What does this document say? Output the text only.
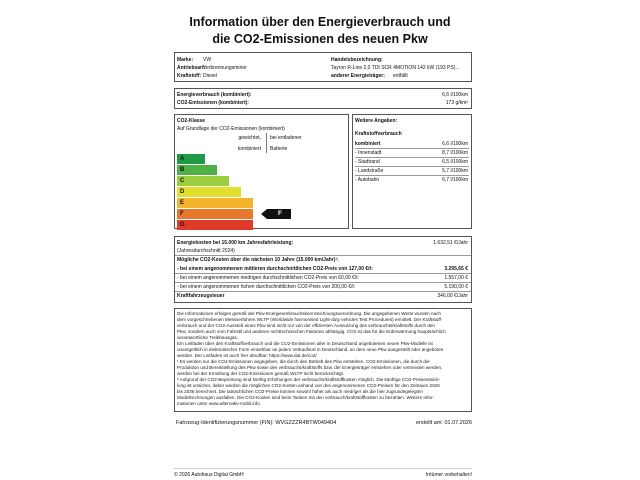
Information über den Energieverbrauch und
die CO2-Emissionen des neuen Pkw
Marke: VW
Antriebsart:
Verbrennungsmotor
Kraftstoff: Diesel
Handelsbezeichnung:
Tayron R-Line 2,0 TDI SCR 4MOTION 142 kW (193 PS)...
anderer Energieträger: entfällt
Energieverbrauch (kombiniert):	6,6 l/100km
CO2-Emissionen (kombiniert):	173 g/km²
CO2-Klasse
Auf Grundlage der CO2-Emissionen (kombiniert)
gewichtet,
kombiniert
bei entladener
Batterie
A
B
C
D
E
F
G
F
Weitere Angaben:
Kraftstoffverbrauch
kombiniert	6,6 l/100km
- Innenstadt	8,7 l/100km
- Stadtrand	6,5 l/100km
- Landstraße	5,7 l/100km
- Autobahn	6,7 l/100km
Energiekosten bei 15.000 km Jahresfahrleistung:	1.632,51 €/Jahr
(Jahresdurchschnitt 2024)
Mögliche CO2-Kosten über die nächsten 10 Jahre (15.000 km/Jahr)¹:
- bei einem angenommenen mittleren durchschnittlichen CO2-Preis von 127,00 €/t:	3.295,65 €
- bei einem angenommenen niedrigen durchschnittlichen CO2-Preis von 60,00 €/t:	1.557,00 €
- bei einem angenommenen hohen durchschnittlichen CO2-Preis von 200,00 €/t:	5.190,00 €
Kraftfahrzeugsteuer	346,00 €/Jahr
Die Informationen erfolgen gemäß der Pkw-Energieverbrauchskennzeichnungsverordnung. Die angegebenen Werte wurden nach
dem vorgeschriebenen Messverfahren WLTP (Worldwide harmonised Light-duty vehicles Test Procedures) ermittelt. Der Kraftstoff-
verbrauch und der CO2-Ausstoß eines Pkw sind nicht nur von der effizienten Ausnutzung des verbrauchts/kraftstoffs durch den
Pkw, sondern auch vom Fahrstil und anderen nichttechnischen Faktoren abhängig. CO2 ist das für die Erderwärmung hauptsächlich
verantwortliche Treibhausgas.
Ein Leitfaden über den Kraftstoffverbrauch und die CO2-Emissionen aller in Deutschland angebotenen neuen Pkw-Modelle ist
unentgeltlich in elektronischer Form einsehbar an jedem Verkaufsort in Deutschland, an dem neue Pkw ausgestellt oder angeboten
werden. Der Leitfaden ist auch hier abrufbar: https://www.dat.de/co2/
¹ Es werden nur die CO2-Emissionen angegeben, die durch den Betrieb des Pkw entstehen. CO2-Emissionen, die durch die
Produktion und Bereitstellung des Pkw sowie des verbrauchs/kraftstoffs bzw. der Energieträger entstehen oder vermieden werden,
werden bei der Ermittlung der CO2-Emissionen gemäß WLTP nicht berücksichtigt.
² Aufgrund der CO2-Bepreisung sind künftig Erhöhungen der verbrauchs/kraftstoffkosten möglich. Die künftige CO2-Preisentwick-
lung ist unsicher, daher werden die möglichen CO2-Kosten anhand von drei angenommenen CO2-Preisen für den Zeitraum 2026
bis 2036 berechnet. Die tatsächlichen CO2-Preise können sowohl höher als auch niedriger als die hier zugrundegelegten
Modellrechnungen ausfallen. Die CO2-Kosten sind beim Tanken mit den verbrauch/kraftstoffkosten zu bezahlen. Weitere Infor-
mationen unter www.alternativ-mobil.info.
Fahrzeug-Identifizierungsnummer (FIN): WVGZZZR4BTW049404	erstellt am: 01.07.2026
© 2026 Autohaus Digital GmbH	Irrtümer vorbehalten!
